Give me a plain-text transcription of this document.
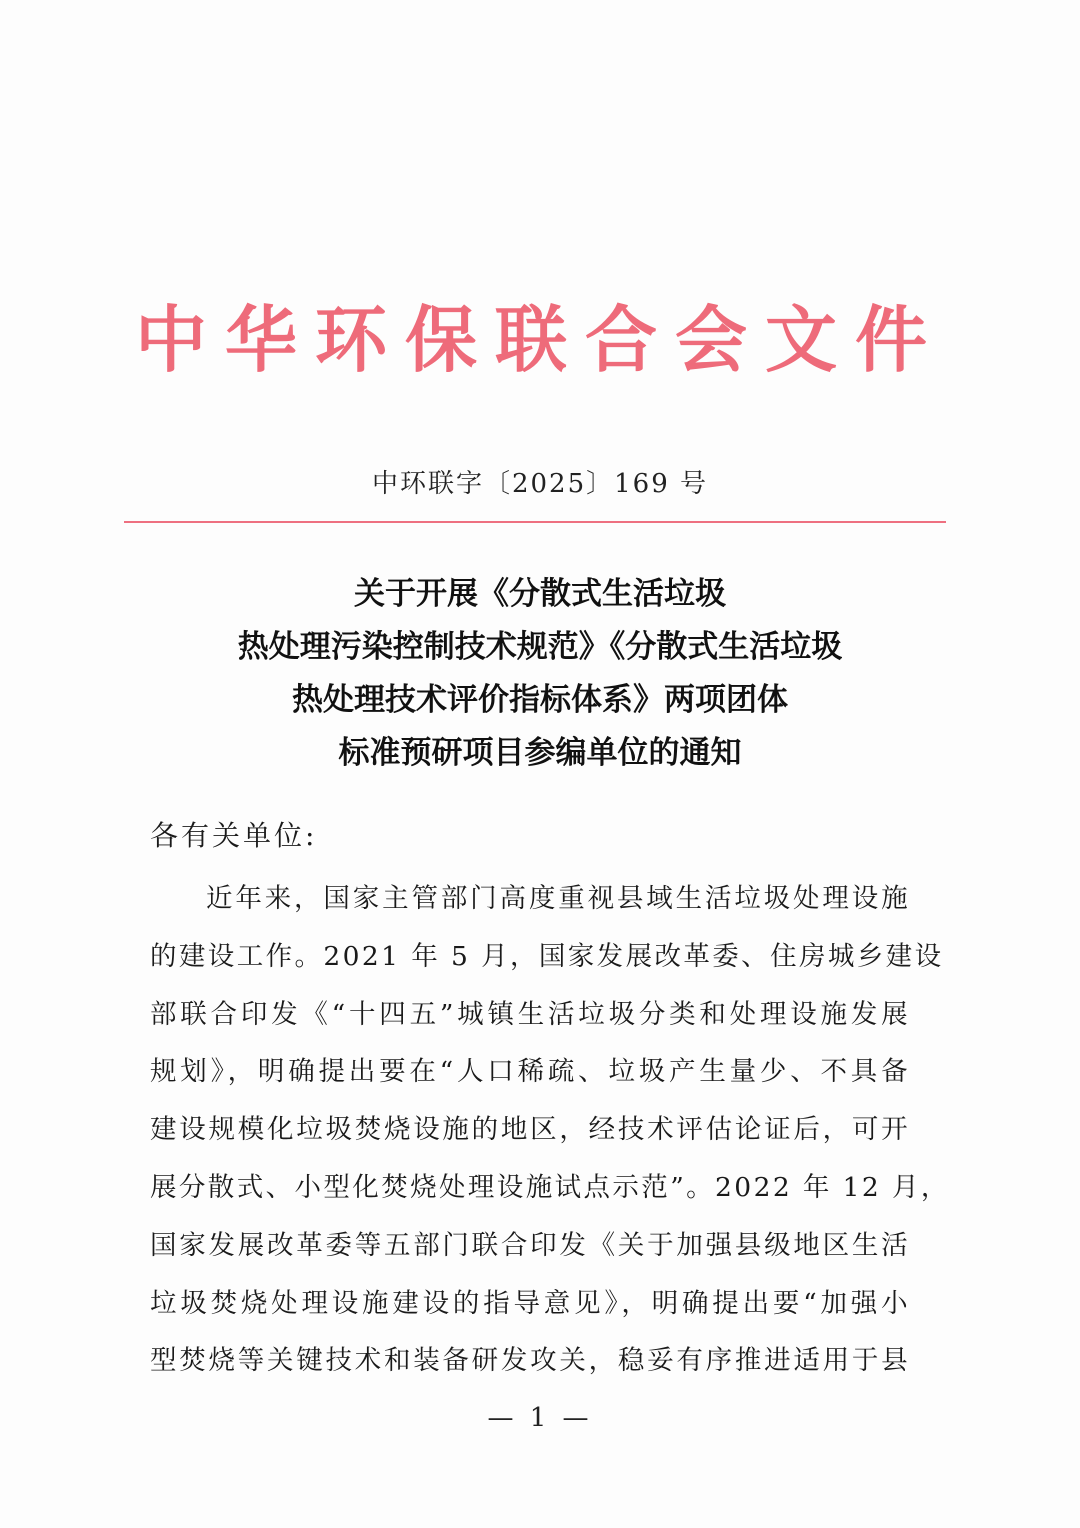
中华环保联合会文件
中环联字〔2025〕169 号
关于开展《分散式生活垃圾
热处理污染控制技术规范》《分散式生活垃圾
热处理技术评价指标体系》两项团体
标准预研项目参编单位的通知
各有关单位:
近年来，国家主管部门高度重视县域生活垃圾处理设施
的建设工作。2021 年 5 月，国家发展改革委、住房城乡建设
部联合印发《“十四五”城镇生活垃圾分类和处理设施发展
规划》，明确提出要在“人口稀疏、垃圾产生量少、不具备
建设规模化垃圾焚烧设施的地区，经技术评估论证后，可开
展分散式、小型化焚烧处理设施试点示范”。2022 年 12 月，
国家发展改革委等五部门联合印发《关于加强县级地区生活
垃圾焚烧处理设施建设的指导意见》，明确提出要“加强小
型焚烧等关键技术和装备研发攻关，稳妥有序推进适用于县
— 1 —
